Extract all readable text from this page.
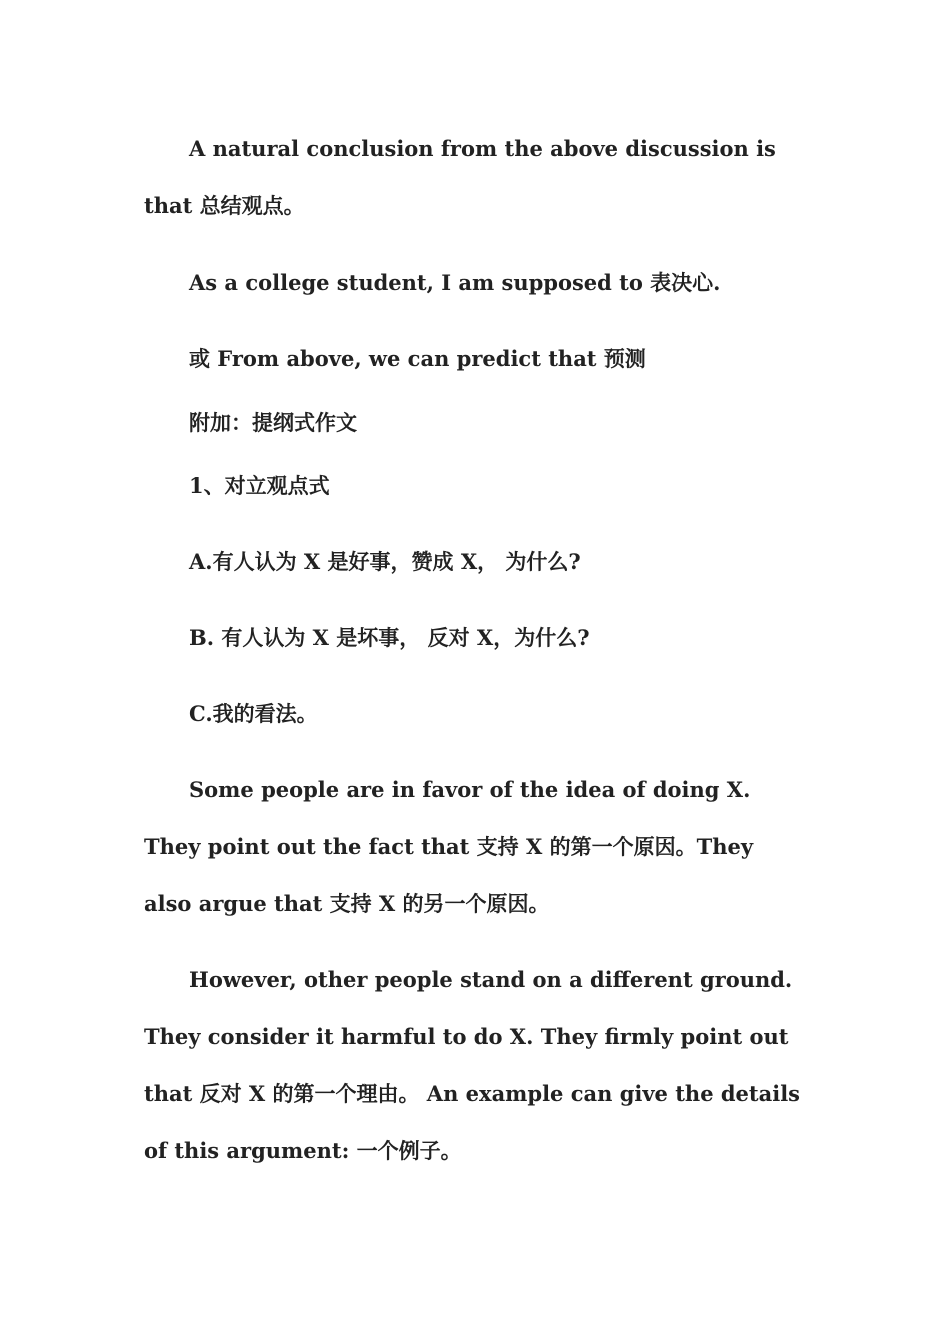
A natural conclusion from the above discussion is that 总结观点。

As a college student, I am supposed to 表决心.

或 From above, we can predict that 预测

附加：提纲式作文

1、对立观点式

A.有人认为 X 是好事，赞成 X， 为什么?

B. 有人认为 X 是坏事， 反对 X，为什么?

C.我的看法。

Some people are in favor of the idea of doing X. They point out the fact that 支持 X 的第一个原因。They also argue that 支持 X 的另一个原因。

However, other people stand on a different ground. They consider it harmful to do X. They firmly point out that 反对 X 的第一个理由。 An example can give the details of this argument: 一个例子。
